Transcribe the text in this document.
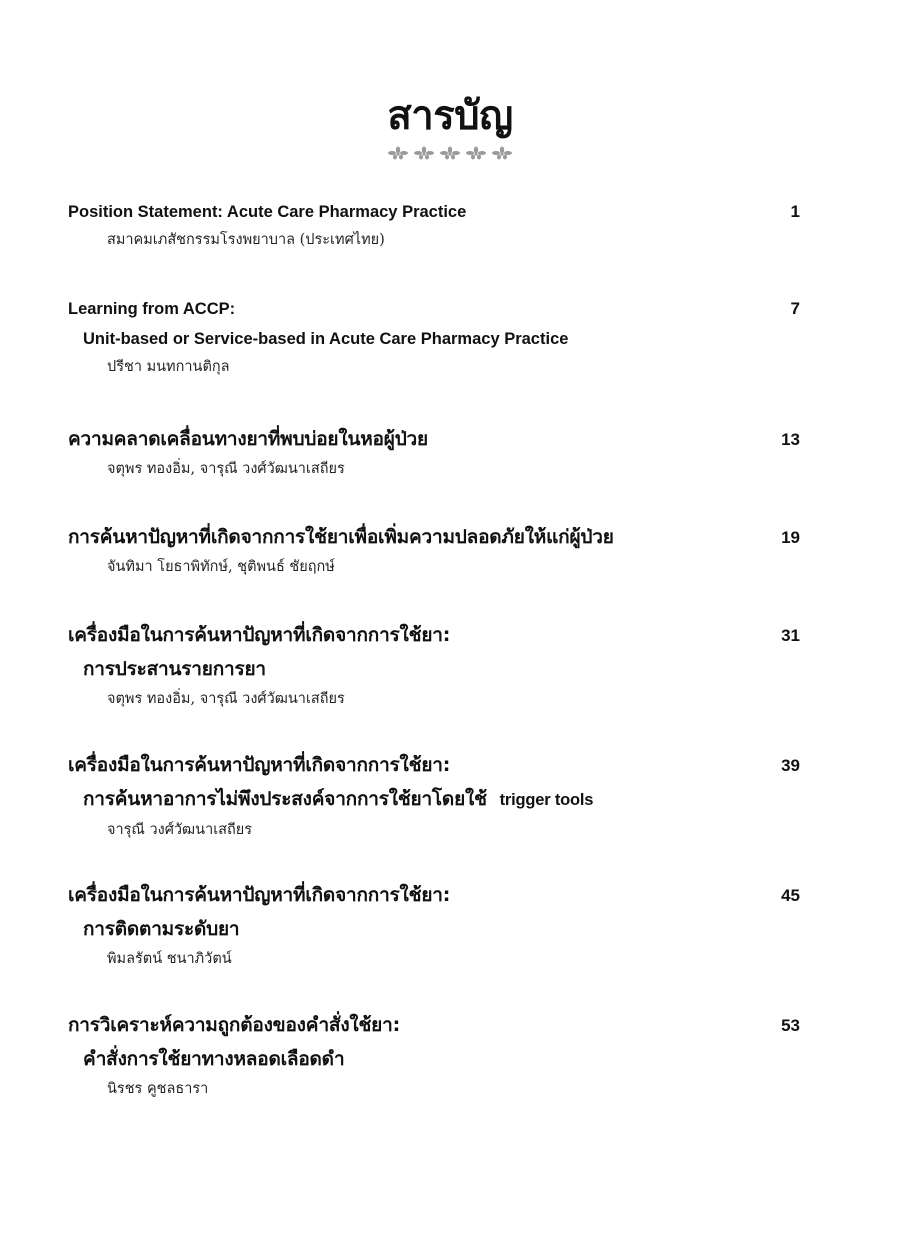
สารบัญ
Position Statement: Acute Care Pharmacy Practice	1
สมาคมเภสัชกรรมโรงพยาบาล (ประเทศไทย)
Learning from ACCP:	7
Unit-based or Service-based in Acute Care Pharmacy Practice
ปรีชา มนทกานติกุล
ความคลาดเคลื่อนทางยาที่พบบ่อยในหอผู้ป่วย	13
จตุพร ทองอิ่ม, จารุณี วงศ์วัฒนาเสถียร
การค้นหาปัญหาที่เกิดจากการใช้ยาเพื่อเพิ่มความปลอดภัยให้แก่ผู้ป่วย	19
จันทิมา โยธาพิทักษ์, ชุติพนธ์ ชัยฤกษ์
เครื่องมือในการค้นหาปัญหาที่เกิดจากการใช้ยา:	31
การประสานรายการยา
จตุพร ทองอิ่ม, จารุณี วงศ์วัฒนาเสถียร
เครื่องมือในการค้นหาปัญหาที่เกิดจากการใช้ยา:	39
การค้นหาอาการไม่พึงประสงค์จากการใช้ยาโดยใช้ trigger tools
จารุณี วงศ์วัฒนาเสถียร
เครื่องมือในการค้นหาปัญหาที่เกิดจากการใช้ยา:	45
การติดตามระดับยา
พิมลรัตน์ ชนาภิวัตน์
การวิเคราะห์ความถูกต้องของคำสั่งใช้ยา:	53
คำสั่งการใช้ยาทางหลอดเลือดดำ
นิรชร คูชลธารา
